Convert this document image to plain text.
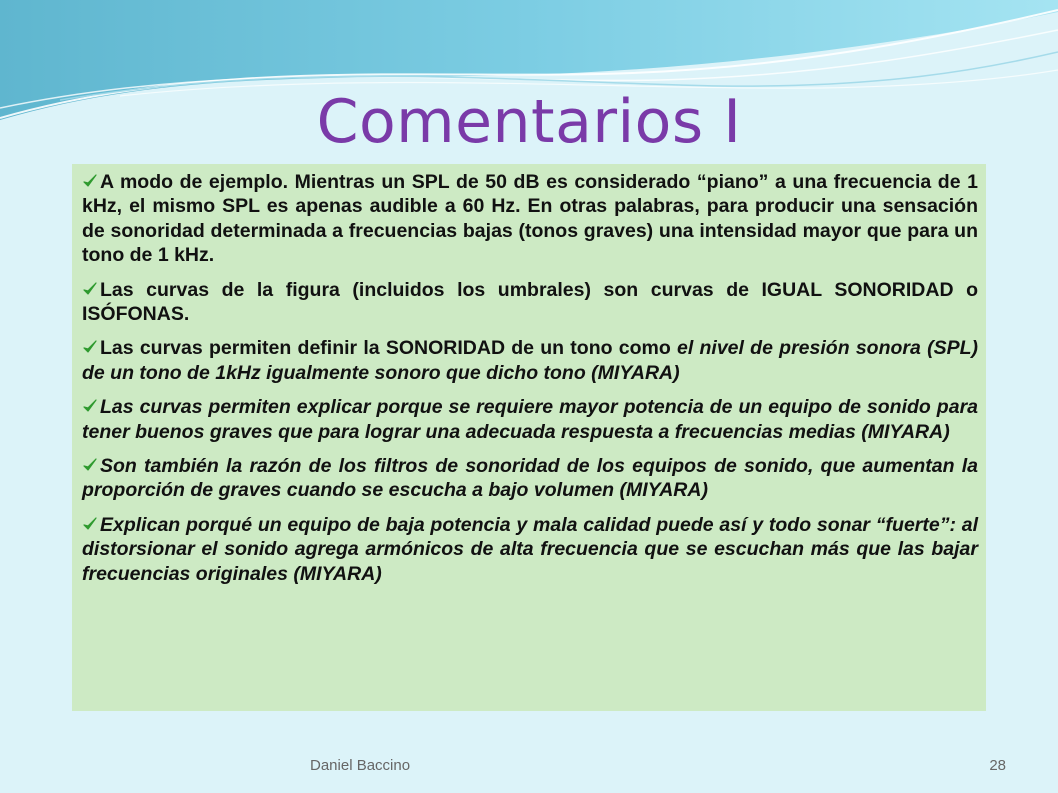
Comentarios I
A modo de ejemplo. Mientras un SPL de 50 dB es considerado “piano” a una frecuencia de 1 kHz, el mismo SPL es apenas audible a 60 Hz. En otras palabras, para producir una sensación de sonoridad determinada a frecuencias bajas (tonos graves) una intensidad mayor que para un tono de 1 kHz.
Las curvas de la figura (incluidos los umbrales) son curvas de IGUAL SONORIDAD o ISÓFONAS.
Las curvas permiten definir la SONORIDAD de un tono como el nivel de presión sonora (SPL) de un tono de 1kHz igualmente sonoro que dicho tono (MIYARA)
Las curvas permiten explicar porque se requiere mayor potencia de un equipo de sonido para tener buenos graves que para lograr una adecuada respuesta a frecuencias medias (MIYARA)
Son también la razón de los filtros de sonoridad de los equipos de sonido, que aumentan la proporción de graves cuando se escucha a bajo volumen (MIYARA)
Explican porqué un equipo de baja potencia y mala calidad puede así y todo sonar “fuerte”: al distorsionar el sonido agrega armónicos de alta frecuencia que se escuchan más que las bajar frecuencias originales (MIYARA)
Daniel Baccino	28
